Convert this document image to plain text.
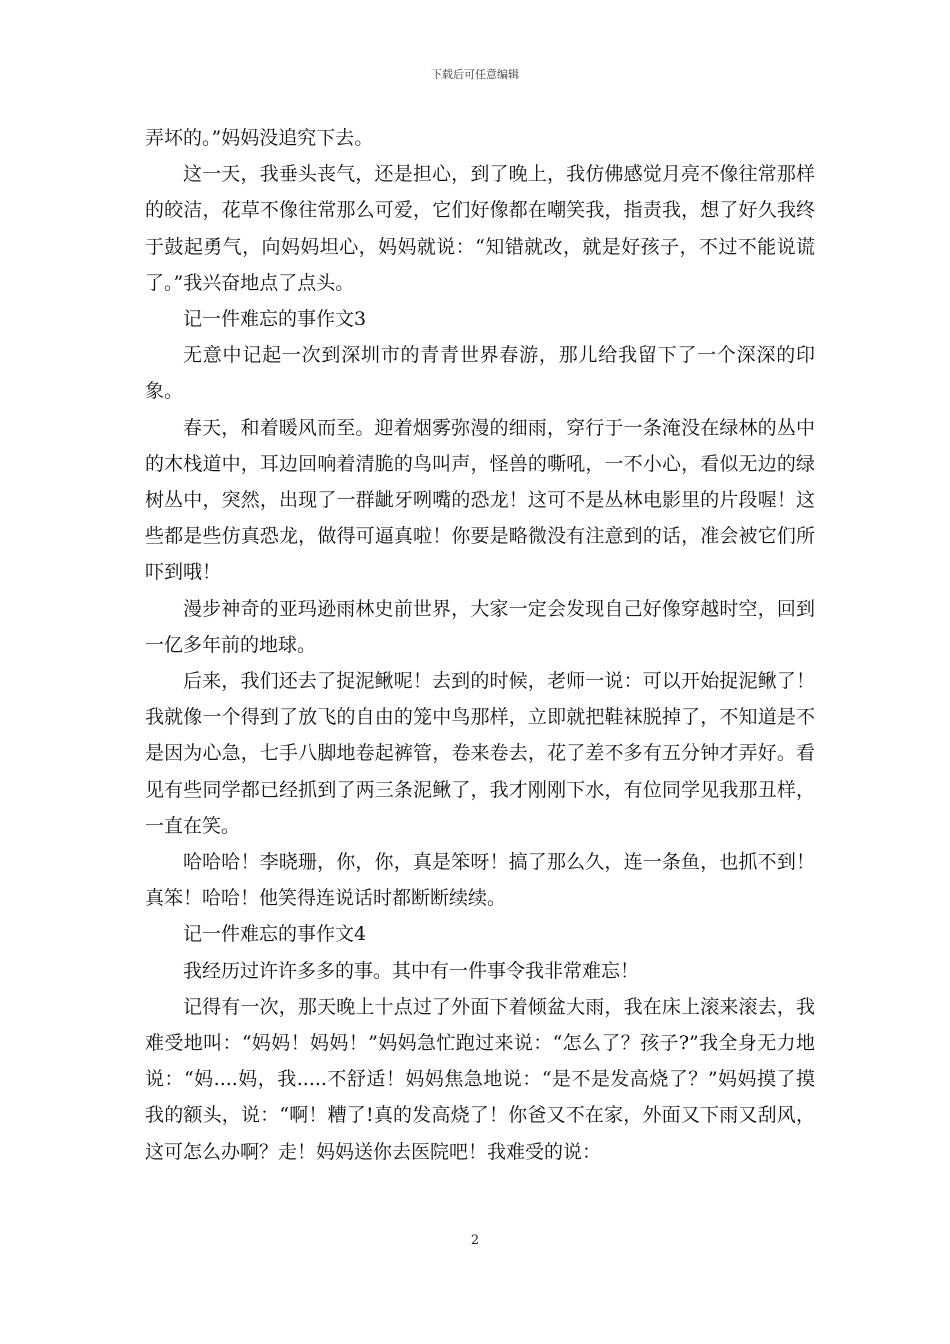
下载后可任意编辑

弄坏的。”妈妈没追究下去。

这一天，我垂头丧气，还是担心，到了晚上，我仿佛感觉月亮不像往常那样的皎洁，花草不像往常那么可爱，它们好像都在嘲笑我，指责我，想了好久我终于鼓起勇气，向妈妈坦心，妈妈就说：“知错就改，就是好孩子，不过不能说谎了。”我兴奋地点了点头。

记一件难忘的事作文3

无意中记起一次到深圳市的青青世界春游，那儿给我留下了一个深深的印象。

春天，和着暖风而至。迎着烟雾弥漫的细雨，穿行于一条淹没在绿林的丛中的木栈道中，耳边回响着清脆的鸟叫声，怪兽的嘶吼，一不小心，看似无边的绿树丛中，突然，出现了一群龇牙咧嘴的恐龙！这可不是丛林电影里的片段喔！这些都是些仿真恐龙，做得可逼真啦！你要是略微没有注意到的话，准会被它们所吓到哦！

漫步神奇的亚玛逊雨林史前世界，大家一定会发现自己好像穿越时空，回到一亿多年前的地球。

后来，我们还去了捉泥鳅呢！去到的时候，老师一说：可以开始捉泥鳅了！我就像一个得到了放飞的自由的笼中鸟那样，立即就把鞋袜脱掉了，不知道是不是因为心急，七手八脚地卷起裤管，卷来卷去，花了差不多有五分钟才弄好。看见有些同学都已经抓到了两三条泥鳅了，我才刚刚下水，有位同学见我那丑样，一直在笑。

哈哈哈！李晓珊，你，你，真是笨呀！搞了那么久，连一条鱼，也抓不到！真笨！哈哈！他笑得连说话时都断断续续。

记一件难忘的事作文4

我经历过许许多多的事。其中有一件事令我非常难忘！

记得有一次，那天晚上十点过了外面下着倾盆大雨，我在床上滚来滚去，我难受地叫：“妈妈！妈妈！”妈妈急忙跑过来说：“怎么了？孩子?”我全身无力地说：“妈....妈，我.....不舒适！妈妈焦急地说：“是不是发高烧了？”妈妈摸了摸我的额头，说：“啊！糟了!真的发高烧了！你爸又不在家，外面又下雨又刮风，这可怎么办啊？走！妈妈送你去医院吧！我难受的说：

2
